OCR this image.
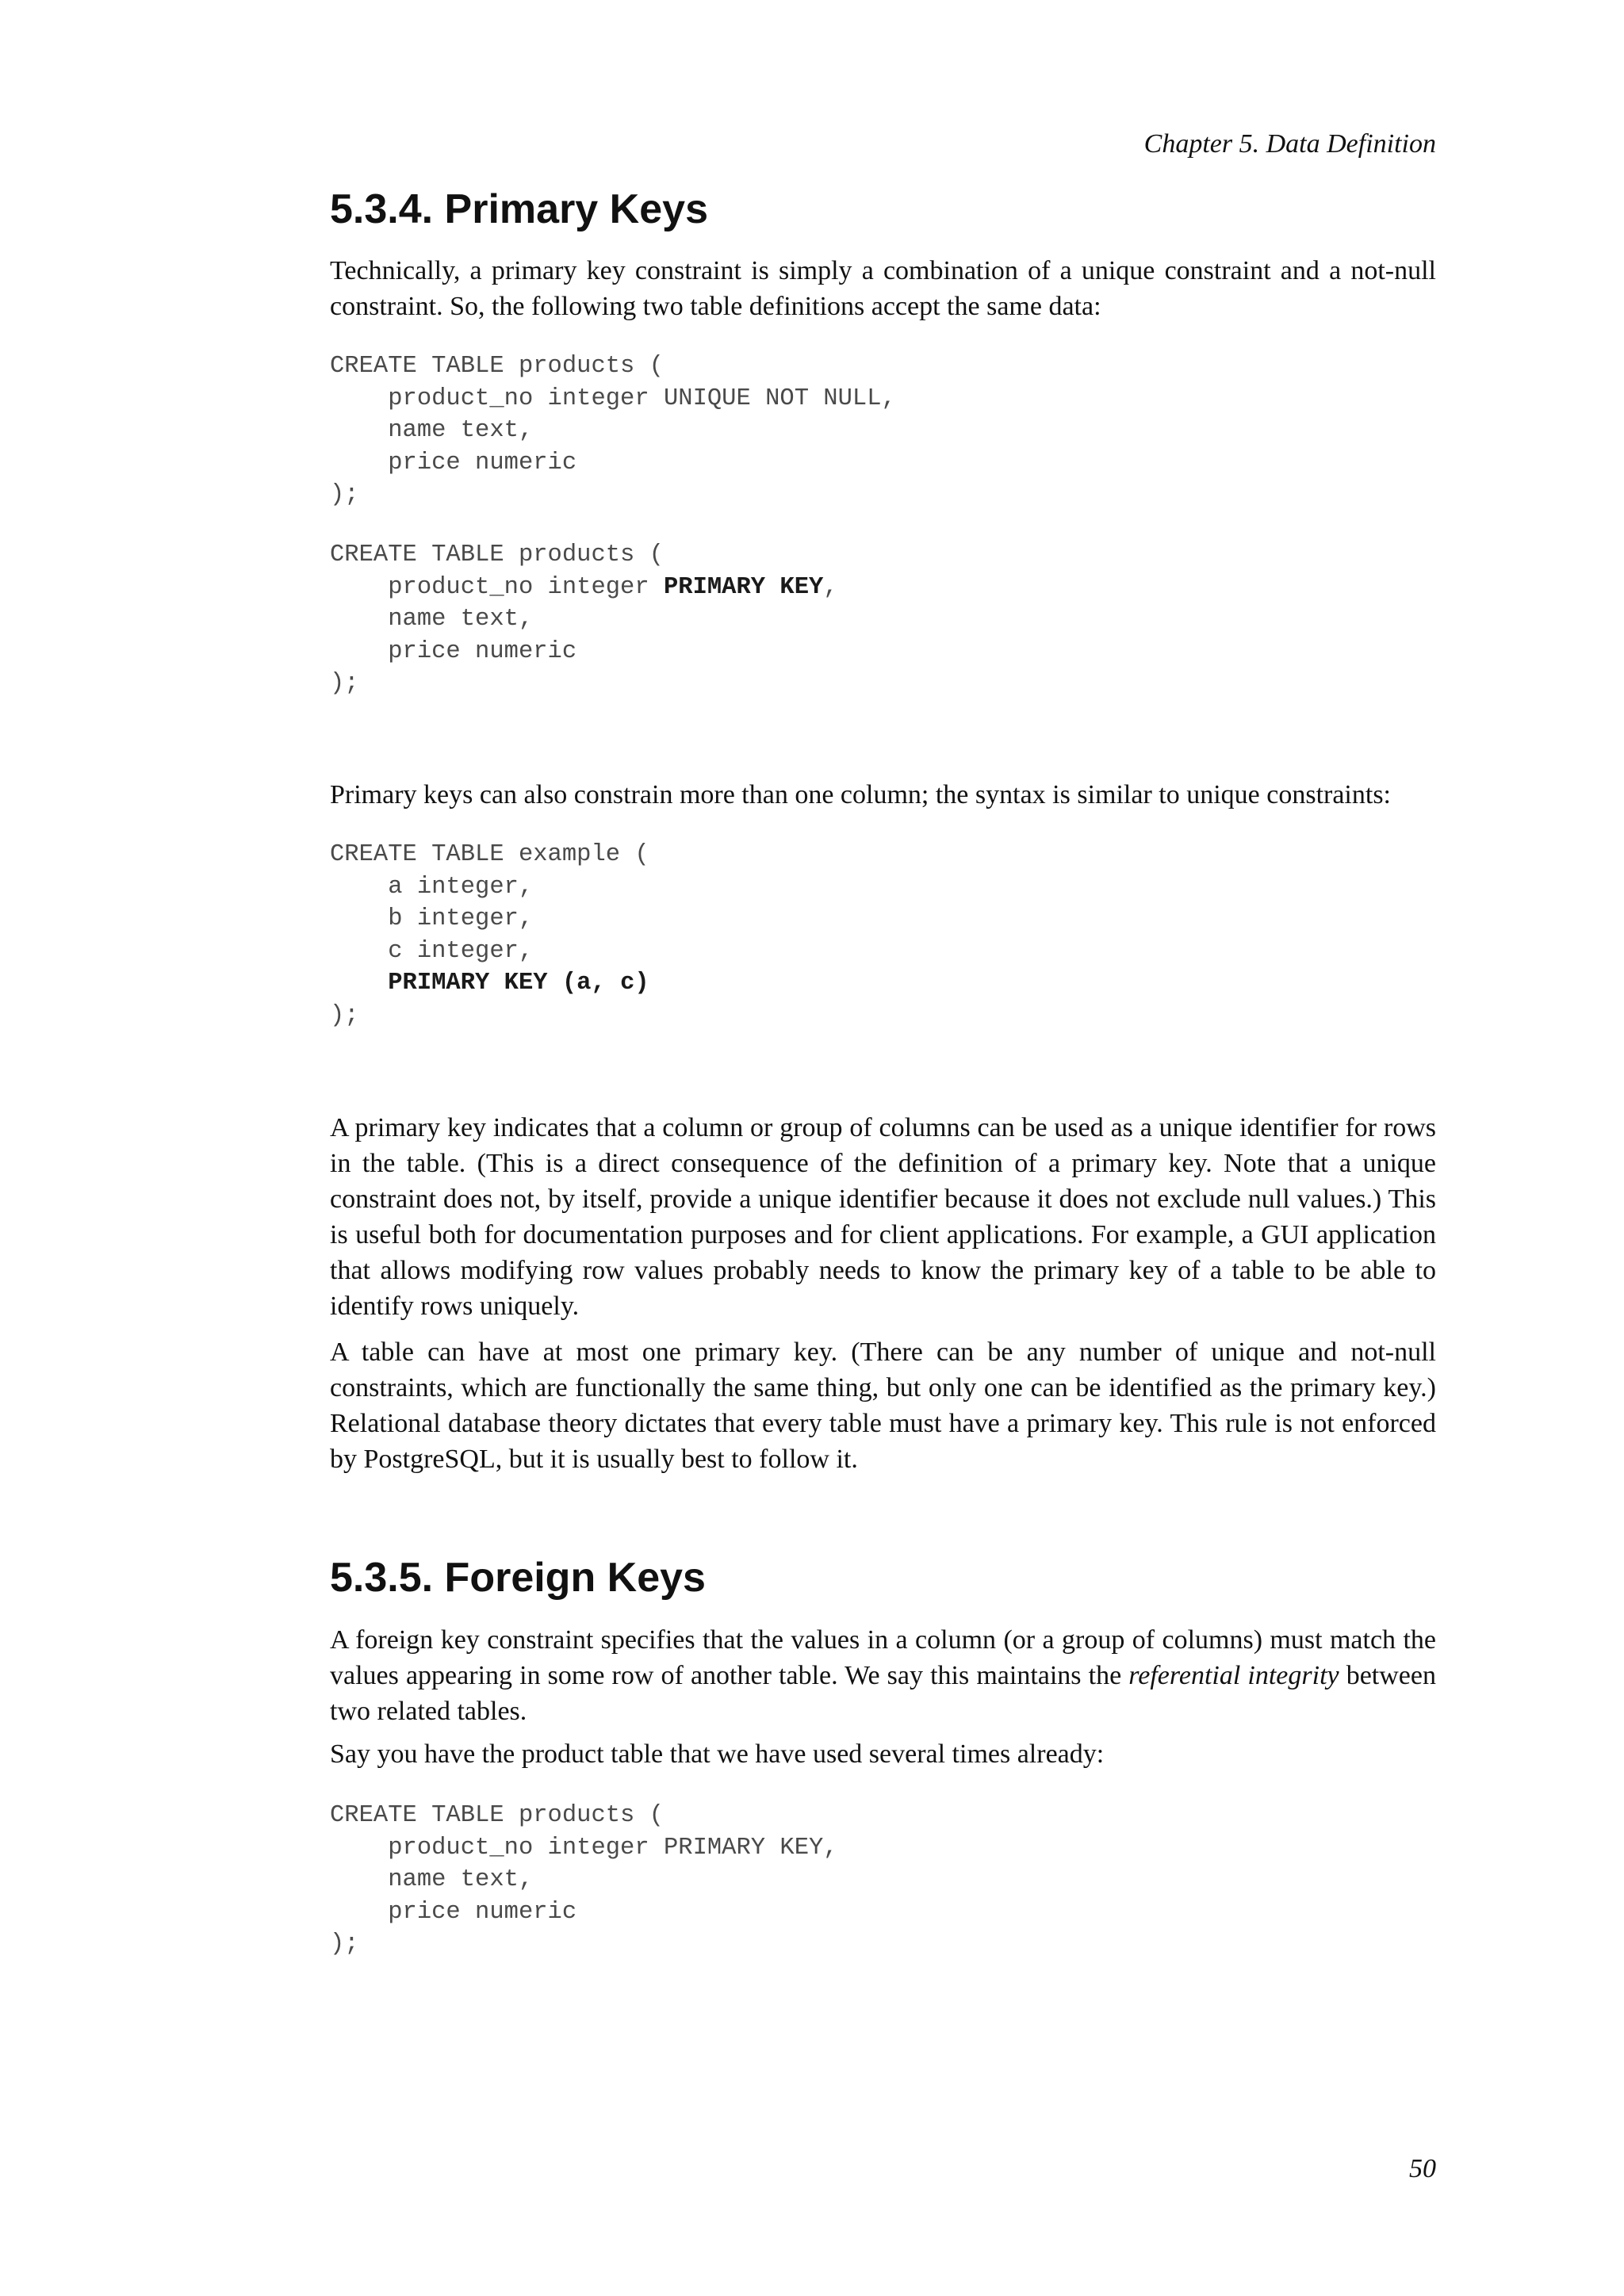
Chapter 5. Data Definition
5.3.4. Primary Keys

Technically, a primary key constraint is simply a combination of a unique constraint and a not-null constraint. So, the following two table definitions accept the same data:

CREATE TABLE products (
product_no integer UNIQUE NOT NULL,
name text,
price numeric
);
CREATE TABLE products (
product_no integer PRIMARY KEY,
name text,
price numeric
);

Primary keys can also constrain more than one column; the syntax is similar to unique constraints:

CREATE TABLE example (
a integer,
b integer,
c integer,
PRIMARY KEY (a, c)
);

A primary key indicates that a column or group of columns can be used as a unique identifier for rows in the table. (This is a direct consequence of the definition of a primary key. Note that a unique constraint does not, by itself, provide a unique identifier because it does not exclude null values.) This is useful both for documentation purposes and for client applications. For example, a GUI application that allows modifying row values probably needs to know the primary key of a table to be able to identify rows uniquely.

A table can have at most one primary key. (There can be any number of unique and not-null constraints, which are functionally the same thing, but only one can be identified as the primary key.) Relational database theory dictates that every table must have a primary key. This rule is not enforced by PostgreSQL, but it is usually best to follow it.

5.3.5. Foreign Keys

A foreign key constraint specifies that the values in a column (or a group of columns) must match the values appearing in some row of another table. We say this maintains the referential integrity between two related tables.

Say you have the product table that we have used several times already:

CREATE TABLE products (
product_no integer PRIMARY KEY,
name text,
price numeric
);
50
